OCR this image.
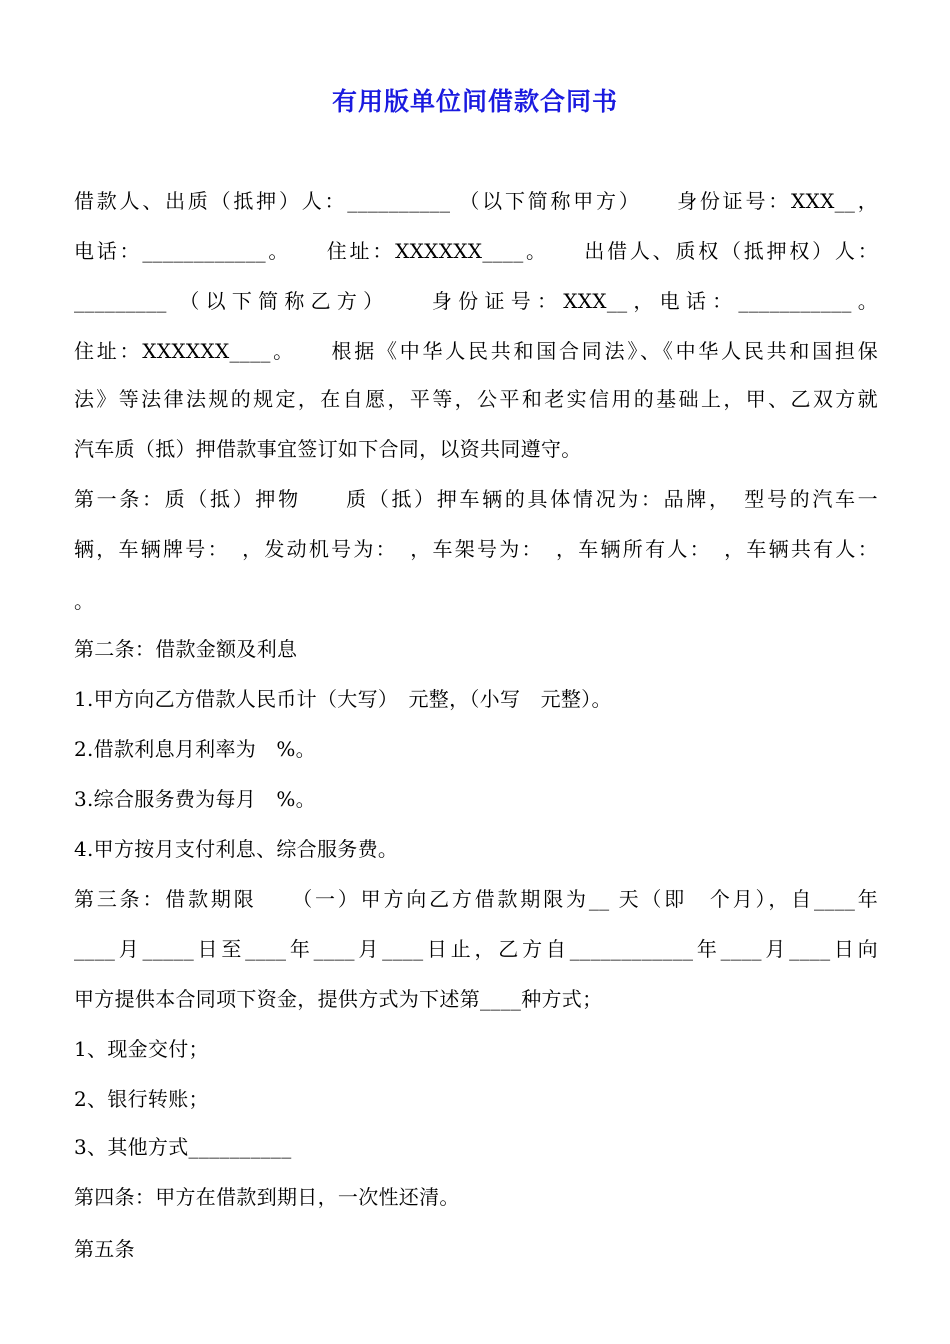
有用版单位间借款合同书
借款人、出质（抵押）人：__________ （以下简称甲方）　　身份证号：XXX__，
电话：____________。　　住址：XXXXXX____。　　出借人、质权（抵押权）人：
_________ （以下简称乙方）　　身份证号：XXX__，电话：___________。
住址：XXXXXX____。　　根据《中华人民共和国合同法》、《中华人民共和国担保
法》等法律法规的规定，在自愿，平等，公平和老实信用的基础上，甲、乙双方就
汽车质（抵）押借款事宜签订如下合同，以资共同遵守。
第一条：质（抵）押物　　质（抵）押车辆的具体情况为：品牌，　型号的汽车一
辆，车辆牌号：　，发动机号为：　，车架号为：　，车辆所有人：　，车辆共有人：
。
第二条：借款金额及利息
1.甲方向乙方借款人民币计（大写）　元整，（小写　元整）。
2.借款利息月利率为　%。
3.综合服务费为每月　%。
4.甲方按月支付利息、综合服务费。
第三条：借款期限　　（一）甲方向乙方借款期限为__ 天（即　个月），自____年
____月_____日至____年____月____日止，乙方自____________年____月____日向
甲方提供本合同项下资金，提供方式为下述第____种方式；
1、现金交付；
2、银行转账；
3、其他方式__________
第四条：甲方在借款到期日，一次性还清。
第五条
